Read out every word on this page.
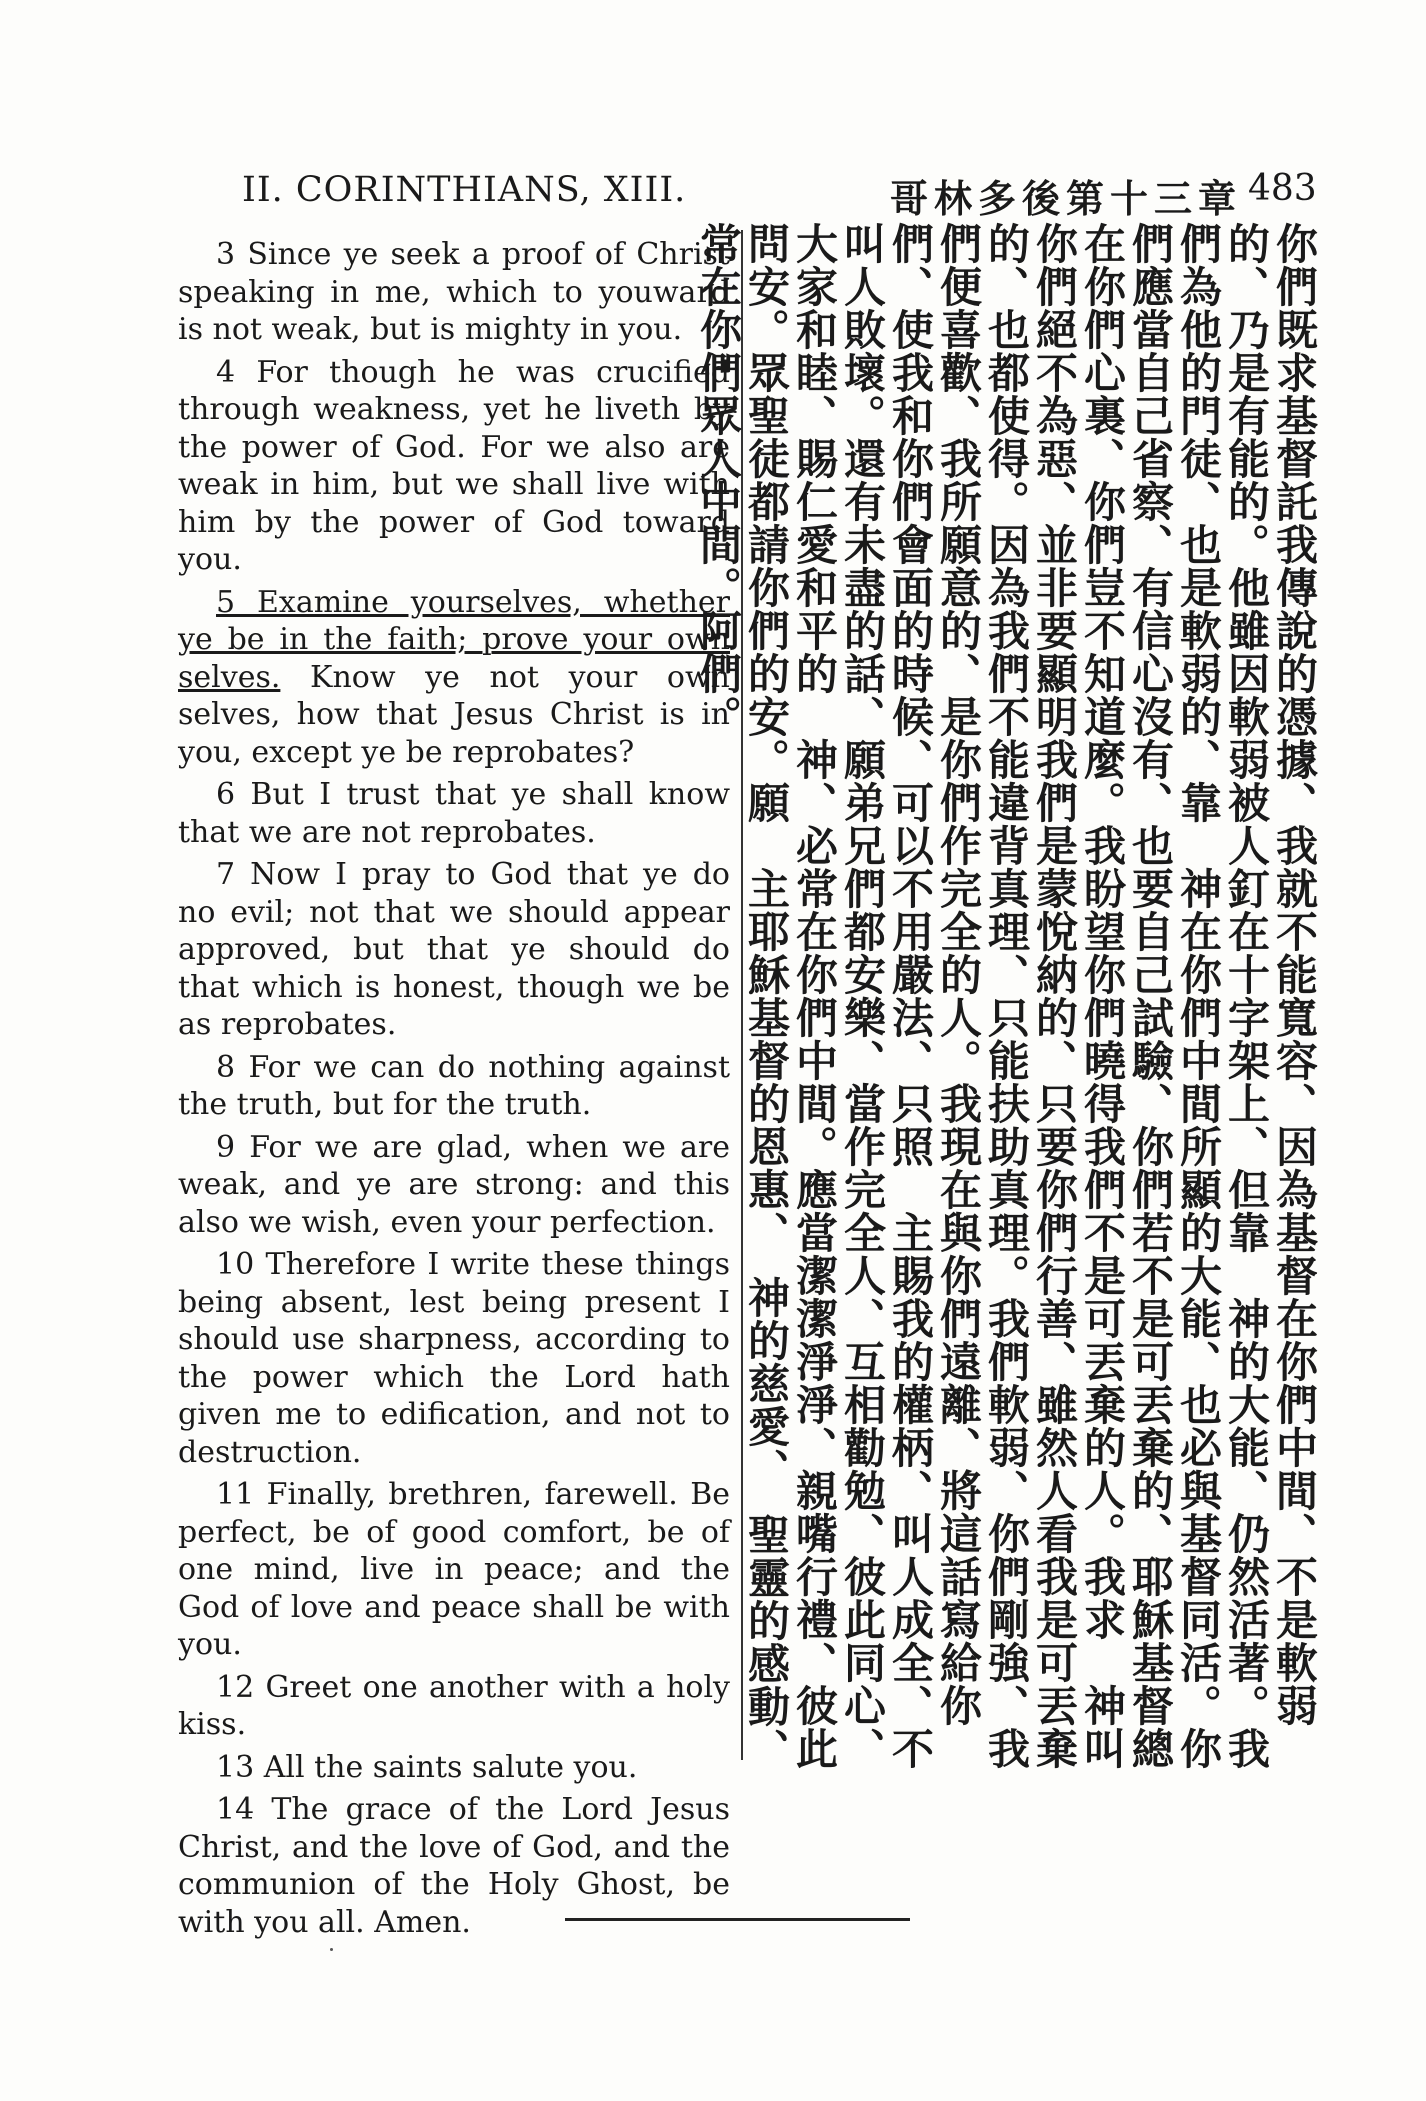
II. CORINTHIANS, XIII.	哥林多後第十三章 483

3 Since ye seek a proof of Christ speaking in me, which to youward is not weak, but is mighty in you.

4 For though he was crucified through weakness, yet he liveth by the power of God. For we also are weak in him, but we shall live with him by the power of God toward you.

5 Examine yourselves, whether ye be in the faith; prove your own selves. Know ye not your own selves, how that Jesus Christ is in you, except ye be reprobates?

6 But I trust that ye shall know that we are not reprobates.

7 Now I pray to God that ye do no evil; not that we should appear approved, but that ye should do that which is honest, though we be as reprobates.

8 For we can do nothing against the truth, but for the truth.

9 For we are glad, when we are weak, and ye are strong: and this also we wish, even your perfection.

10 Therefore I write these things being absent, lest being present I should use sharpness, according to the power which the Lord hath given me to edification, and not to destruction.

11 Finally, brethren, farewell. Be perfect, be of good comfort, be of one mind, live in peace; and the God of love and peace shall be with you.

12 Greet one another with a holy kiss.

13 All the saints salute you.

14 The grace of the Lord Jesus Christ, and the love of God, and the communion of the Holy Ghost, be with you all. Amen.

你們既求基督託我傳說的憑據、我就不能寬容、因為基督在你們中間、不是軟弱的、乃是有能的。他雖因軟弱被人釘在十字架上、但靠　神的大能、仍然活著。我們為他的門徒、也是軟弱的、靠　神在你們中間所顯的大能、也必與基督同活。你們應當自己省察、有信心沒有、也要自己試驗、你們若不是可丟棄的、耶穌基督總在你們心裏、你們豈不知道麼。我盼望你們曉得我們不是可丟棄的人。我求　神叫你們絕不為惡、並非要顯明我們是蒙悅納的、只要你們行善、雖然人看我是可丟棄的、也都使得。因為我們不能違背真理、只能扶助真理。我們軟弱、你們剛強、我們便喜歡、我所願意的、是你們作完全的人。我現在與你們遠離、將這話寫給你們、使我和你們會面的時候、可以不用嚴法、只照　主賜我的權柄、叫人成全、不叫人敗壞。還有未盡的話、願弟兄們都安樂、當作完全人、互相勸勉、彼此同心、大家和睦、賜仁愛和平的　神、必常在你們中間。應當潔潔淨淨、親嘴行禮、彼此問安。眾聖徒都請你們的安。願　主耶穌基督的恩惠、　神的慈愛、　聖靈的感動、常在你們眾人中間。阿們。
